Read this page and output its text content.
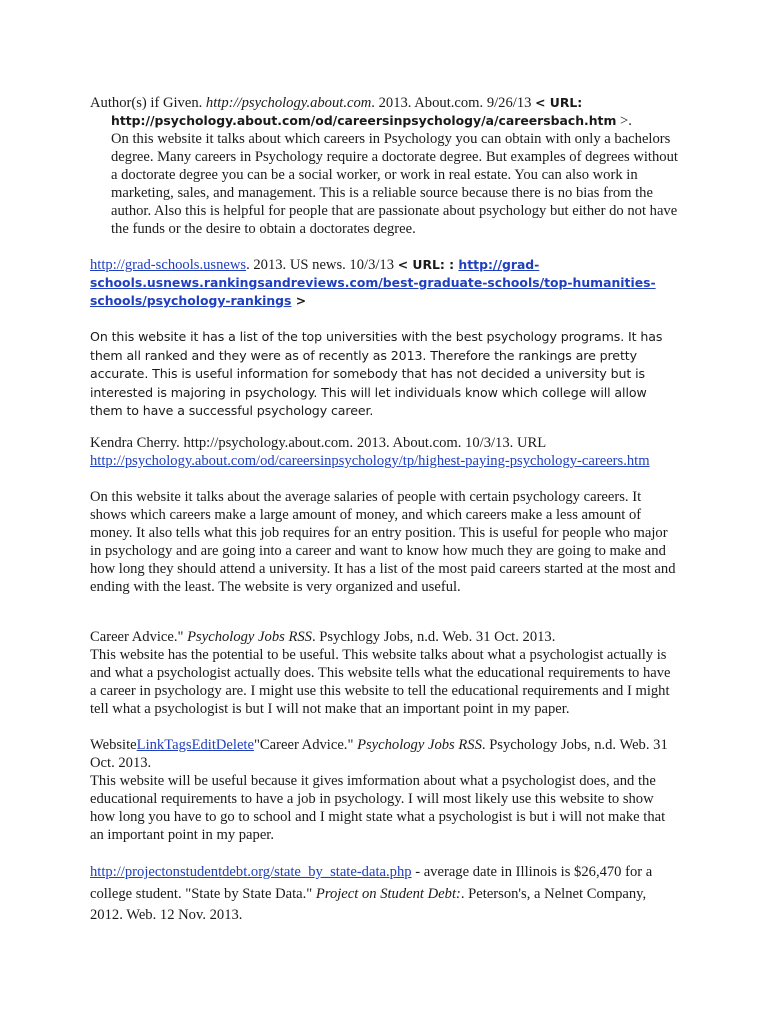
Author(s) if Given. http://psychology.about.com. 2013. About.com. 9/26/13 < URL:
http://psychology.about.com/od/careersinpsychology/a/careersbach.htm >.
On this website it talks about which careers in Psychology you can obtain with only a bachelors degree. Many careers in Psychology require a doctorate degree. But examples of degrees without a doctorate degree you can be a social worker, or work in real estate. You can also work in marketing, sales, and management. This is a reliable source because there is no bias from the author. Also this is helpful for people that are passionate about psychology but either do not have the funds or the desire to obtain a doctorates degree.
http://grad-schools.usnews. 2013. US news. 10/3/13 < URL: : http://grad-
schools.usnews.rankingsandreviews.com/best-graduate-schools/top-humanities-
schools/psychology-rankings >
On this website it has a list of the top universities with the best psychology programs. It has them all ranked and they were as of recently as 2013. Therefore the rankings are pretty accurate. This is useful information for somebody that has not decided a university but is interested is majoring in psychology. This will let individuals know which college will allow them to have a successful psychology career.
Kendra Cherry. http://psychology.about.com. 2013. About.com. 10/3/13. URL
http://psychology.about.com/od/careersinpsychology/tp/highest-paying-psychology-careers.htm
On this website it talks about the average salaries of people with certain psychology careers. It shows which careers make a large amount of money, and which careers make a less amount of money. It also tells what this job requires for an entry position. This is useful for people who major in psychology and are going into a career and want to know how much they are going to make and how long they should attend a university. It has a list of the most paid careers started at the most and ending with the least. The website is very organized and useful.
Career Advice." Psychology Jobs RSS. Psychlogy Jobs, n.d. Web. 31 Oct. 2013.
This website has the potential to be useful. This website talks about what a psychologist actually is and what a psychologist actually does. This website tells what the educational requirements to have a career in psychology are. I might use this website to tell the educational requirements and I might tell what a psychologist is but I will not make that an important point in my paper.
WebsiteLinkTagsEditDelete"Career Advice." Psychology Jobs RSS. Psychology Jobs, n.d. Web. 31 Oct. 2013.
This website will be useful because it gives imformation about what a psychologist does, and the educational requirements to have a job in psychology. I will most likely use this website to show how long you have to go to school and I might state what a psychologist is but i will not make that an important point in my paper.
http://projectonstudentdebt.org/state_by_state-data.php - average date in Illinois is $26,470 for a college student. "State by State Data." Project on Student Debt:. Peterson's, a Nelnet Company, 2012. Web. 12 Nov. 2013.
